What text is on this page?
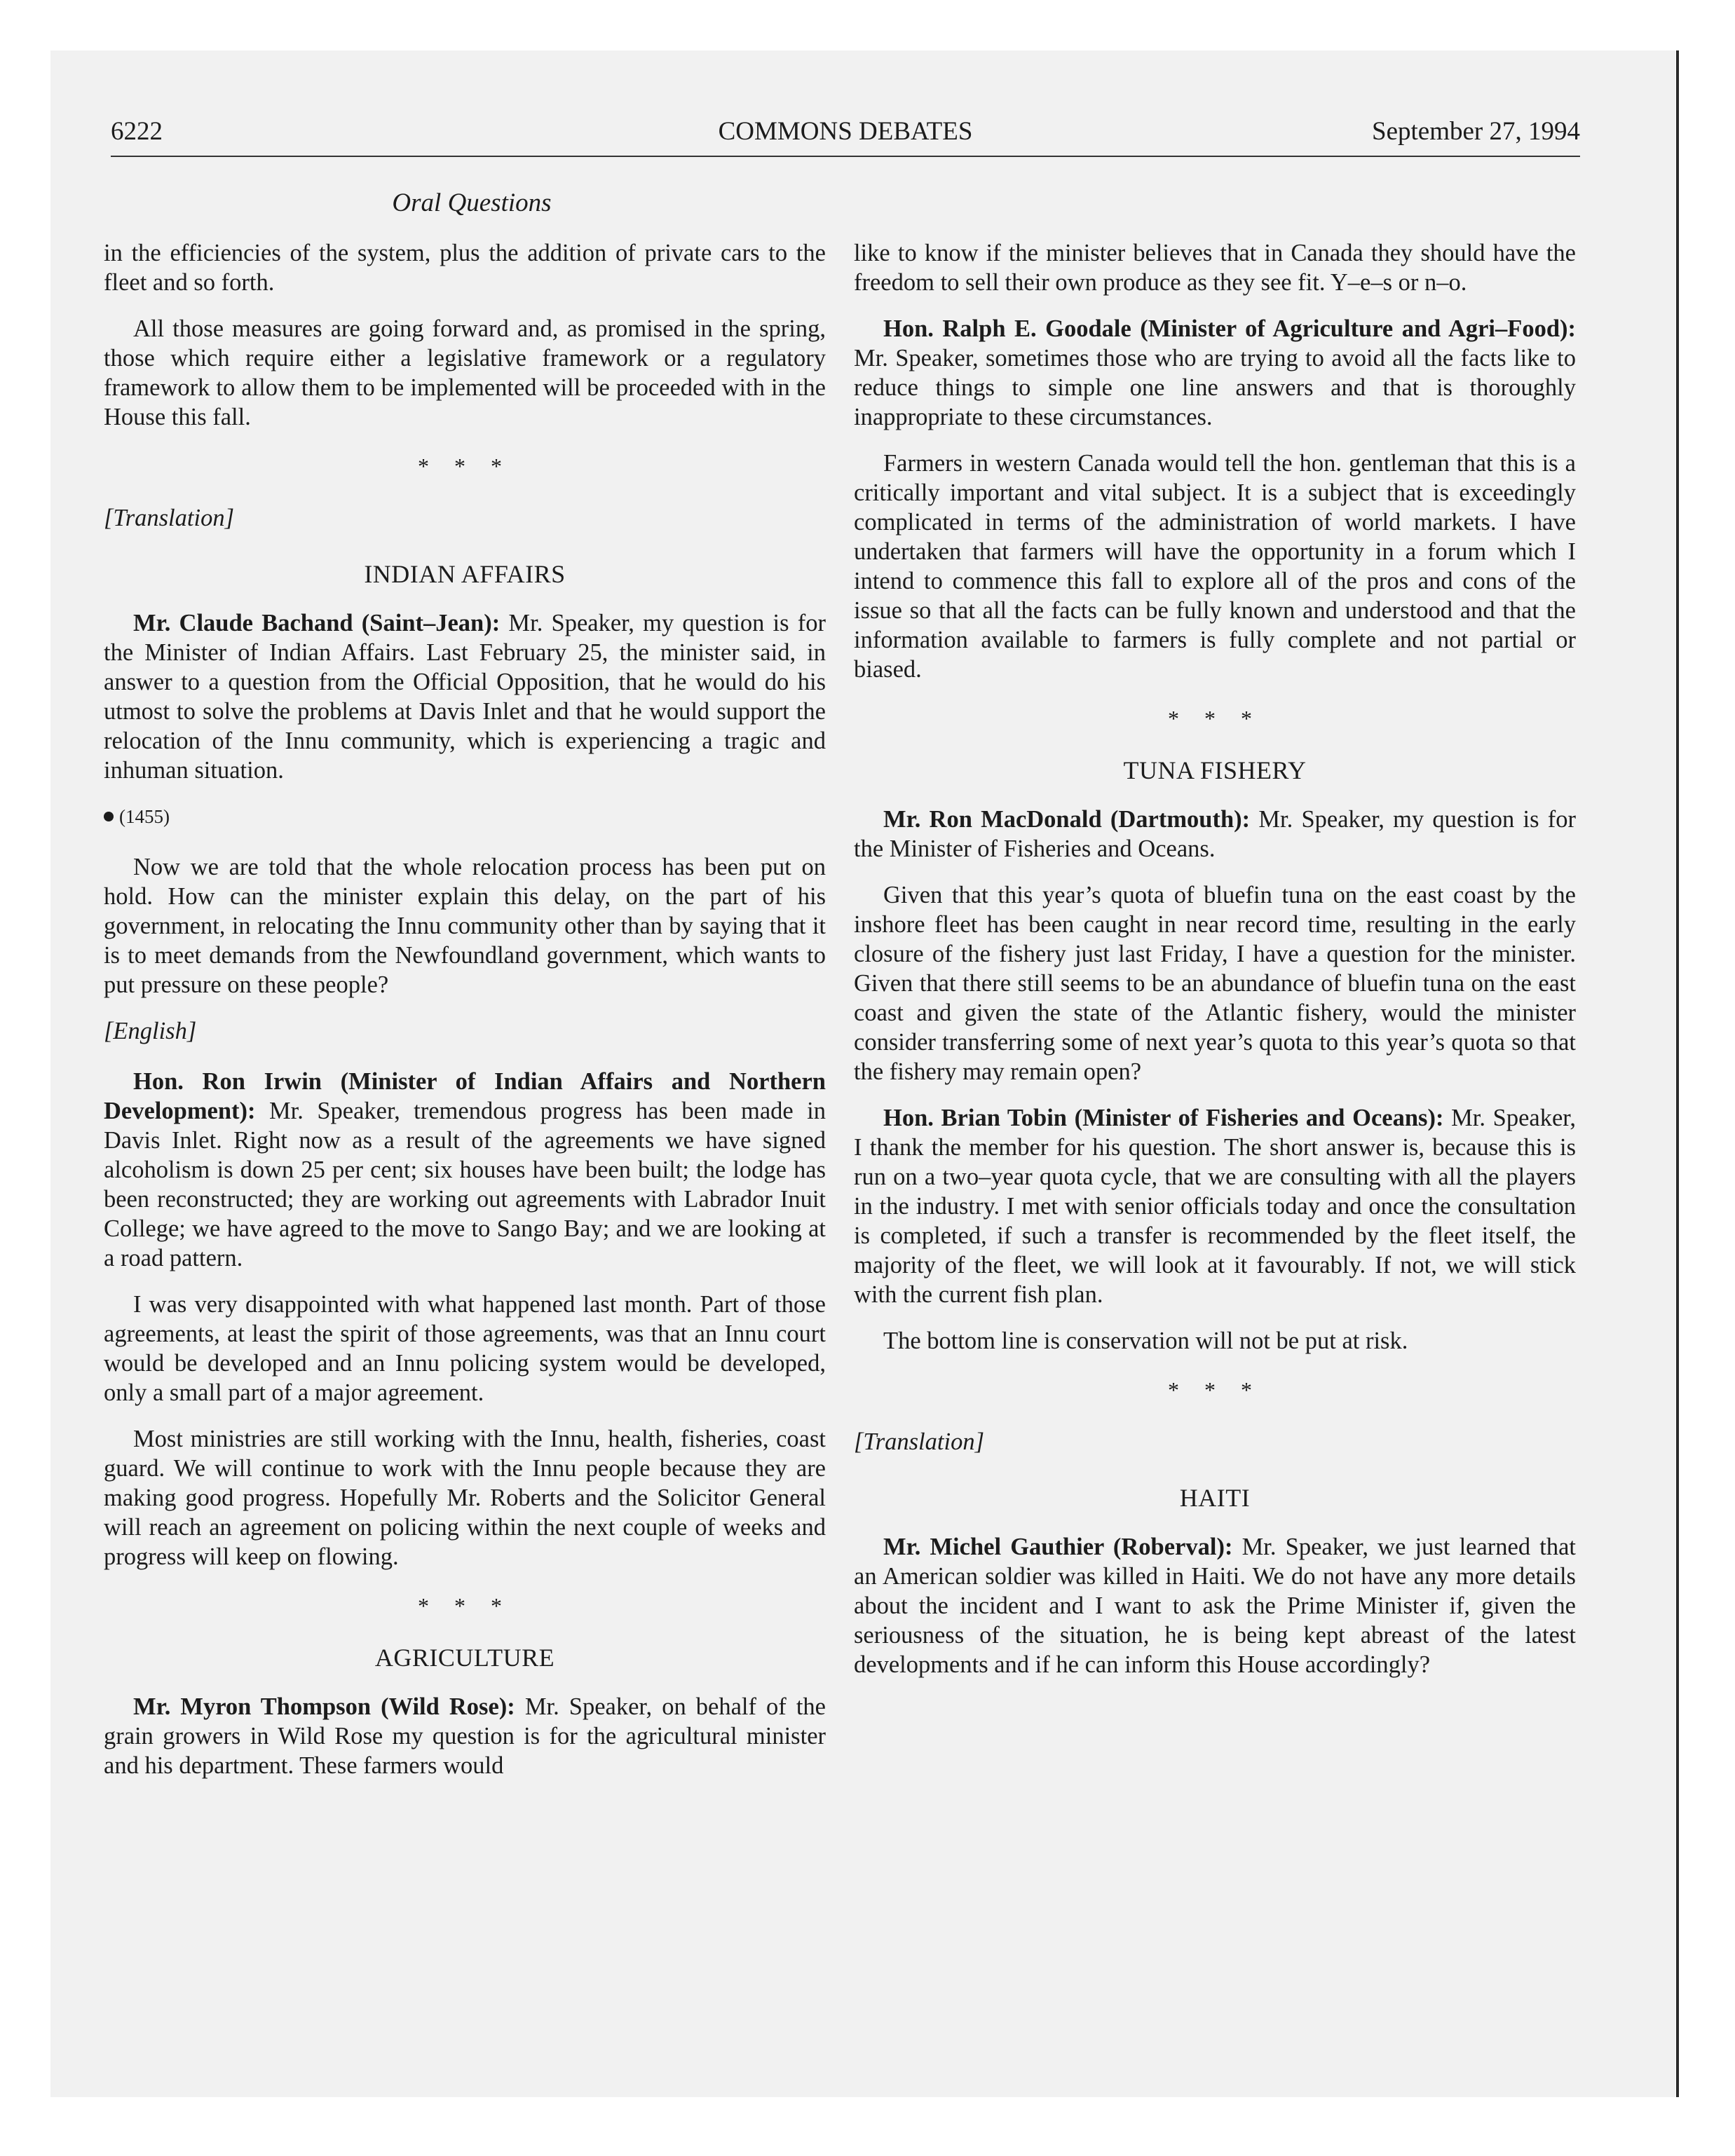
COMMONS DEBATES
6222	September 27, 1994
Oral Questions

in the efficiencies of the system, plus the addition of private cars to the fleet and so forth.

All those measures are going forward and, as promised in the spring, those which require either a legislative framework or a regulatory framework to allow them to be implemented will be proceeded with in the House this fall.

* * *
[Translation]
INDIAN AFFAIRS

Mr. Claude Bachand (Saint–Jean): Mr. Speaker, my question is for the Minister of Indian Affairs. Last February 25, the minister said, in answer to a question from the Official Opposition, that he would do his utmost to solve the problems at Davis Inlet and that he would support the relocation of the Innu community, which is experiencing a tragic and inhuman situation.

(1455)

Now we are told that the whole relocation process has been put on hold. How can the minister explain this delay, on the part of his government, in relocating the Innu community other than by saying that it is to meet demands from the Newfoundland government, which wants to put pressure on these people?

[English]

Hon. Ron Irwin (Minister of Indian Affairs and Northern Development): Mr. Speaker, tremendous progress has been made in Davis Inlet. Right now as a result of the agreements we have signed alcoholism is down 25 per cent; six houses have been built; the lodge has been reconstructed; they are working out agreements with Labrador Inuit College; we have agreed to the move to Sango Bay; and we are looking at a road pattern.

I was very disappointed with what happened last month. Part of those agreements, at least the spirit of those agreements, was that an Innu court would be developed and an Innu policing system would be developed, only a small part of a major agreement.

Most ministries are still working with the Innu, health, fisheries, coast guard. We will continue to work with the Innu people because they are making good progress. Hopefully Mr. Roberts and the Solicitor General will reach an agreement on policing within the next couple of weeks and progress will keep on flowing.

* * *
AGRICULTURE

Mr. Myron Thompson (Wild Rose): Mr. Speaker, on behalf of the grain growers in Wild Rose my question is for the agricultural minister and his department. These farmers would

like to know if the minister believes that in Canada they should have the freedom to sell their own produce as they see fit. Y–e–s or n–o.

Hon. Ralph E. Goodale (Minister of Agriculture and Agri–Food): Mr. Speaker, sometimes those who are trying to avoid all the facts like to reduce things to simple one line answers and that is thoroughly inappropriate to these circumstances.

Farmers in western Canada would tell the hon. gentleman that this is a critically important and vital subject. It is a subject that is exceedingly complicated in terms of the administration of world markets. I have undertaken that farmers will have the opportunity in a forum which I intend to commence this fall to explore all of the pros and cons of the issue so that all the facts can be fully known and understood and that the information available to farmers is fully complete and not partial or biased.

* * *
TUNA FISHERY

Mr. Ron MacDonald (Dartmouth): Mr. Speaker, my question is for the Minister of Fisheries and Oceans.

Given that this year’s quota of bluefin tuna on the east coast by the inshore fleet has been caught in near record time, resulting in the early closure of the fishery just last Friday, I have a question for the minister. Given that there still seems to be an abundance of bluefin tuna on the east coast and given the state of the Atlantic fishery, would the minister consider transferring some of next year’s quota to this year’s quota so that the fishery may remain open?

Hon. Brian Tobin (Minister of Fisheries and Oceans): Mr. Speaker, I thank the member for his question. The short answer is, because this is run on a two–year quota cycle, that we are consulting with all the players in the industry. I met with senior officials today and once the consultation is completed, if such a transfer is recommended by the fleet itself, the majority of the fleet, we will look at it favourably. If not, we will stick with the current fish plan.

The bottom line is conservation will not be put at risk.

* * *
[Translation]
HAITI

Mr. Michel Gauthier (Roberval): Mr. Speaker, we just learned that an American soldier was killed in Haiti. We do not have any more details about the incident and I want to ask the Prime Minister if, given the seriousness of the situation, he is being kept abreast of the latest developments and if he can inform this House accordingly?
